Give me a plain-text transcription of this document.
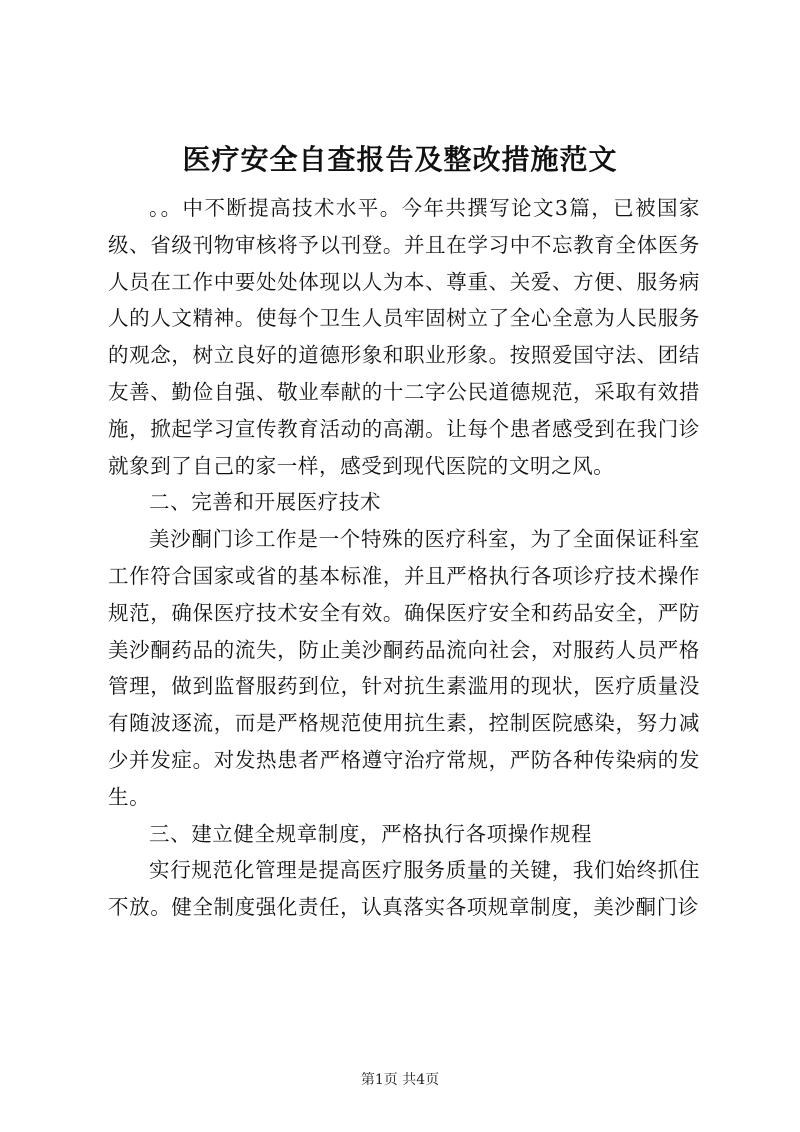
医疗安全自查报告及整改措施范文

。。中不断提高技术水平。今年共撰写论文3篇，已被国家级、省级刊物审核将予以刊登。并且在学习中不忘教育全体医务人员在工作中要处处体现以人为本、尊重、关爱、方便、服务病人的人文精神。使每个卫生人员牢固树立了全心全意为人民服务的观念，树立良好的道德形象和职业形象。按照爱国守法、团结友善、勤俭自强、敬业奉献的十二字公民道德规范，采取有效措施，掀起学习宣传教育活动的高潮。让每个患者感受到在我门诊就象到了自己的家一样，感受到现代医院的文明之风。

二、完善和开展医疗技术

美沙酮门诊工作是一个特殊的医疗科室，为了全面保证科室工作符合国家或省的基本标准，并且严格执行各项诊疗技术操作规范，确保医疗技术安全有效。确保医疗安全和药品安全，严防美沙酮药品的流失，防止美沙酮药品流向社会，对服药人员严格管理，做到监督服药到位，针对抗生素滥用的现状，医疗质量没有随波逐流，而是严格规范使用抗生素，控制医院感染，努力减少并发症。对发热患者严格遵守治疗常规，严防各种传染病的发生。

三、建立健全规章制度，严格执行各项操作规程

实行规范化管理是提高医疗服务质量的关键，我们始终抓住不放。健全制度强化责任，认真落实各项规章制度，美沙酮门诊

第1页 共4页
